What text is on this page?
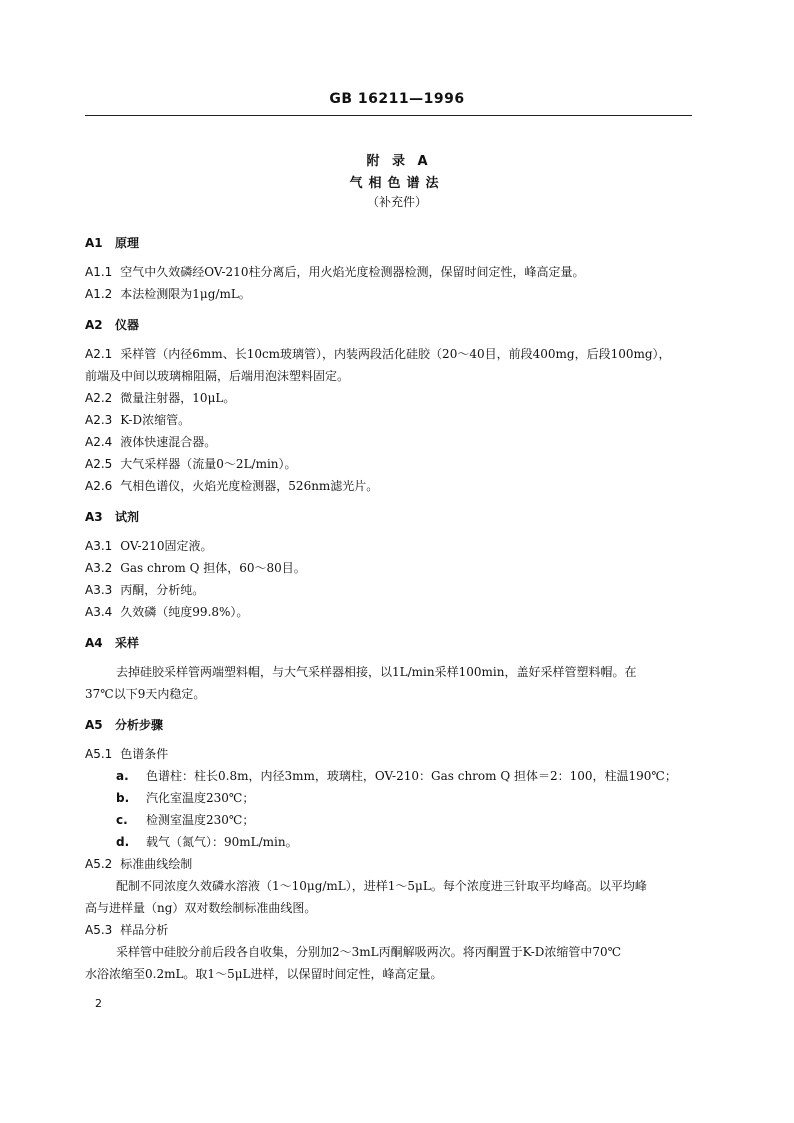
GB 16211—1996
附 录 A
气相色谱法
（补充件）
A1 原理
A1.1 空气中久效磷经OV-210柱分离后，用火焰光度检测器检测，保留时间定性，峰高定量。
A1.2 本法检测限为1μg/mL。
A2 仪器
A2.1 采样管（内径6mm、长10cm玻璃管），内装两段活化硅胶（20～40目，前段400mg，后段100mg），
前端及中间以玻璃棉阻隔，后端用泡沫塑料固定。
A2.2 微量注射器，10μL。
A2.3 K-D浓缩管。
A2.4 液体快速混合器。
A2.5 大气采样器（流量0～2L/min）。
A2.6 气相色谱仪，火焰光度检测器，526nm滤光片。
A3 试剂
A3.1 OV-210固定液。
A3.2 Gas chrom Q 担体，60～80目。
A3.3 丙酮，分析纯。
A3.4 久效磷（纯度99.8%）。
A4 采样
去掉硅胶采样管两端塑料帽，与大气采样器相接，以1L/min采样100min，盖好采样管塑料帽。在
37℃以下9天内稳定。
A5 分析步骤
A5.1 色谱条件
a. 色谱柱：柱长0.8m，内径3mm，玻璃柱，OV-210：Gas chrom Q 担体＝2：100，柱温190℃；
b. 汽化室温度230℃；
c. 检测室温度230℃；
d. 载气（氮气）：90mL/min。
A5.2 标准曲线绘制
配制不同浓度久效磷水溶液（1～10μg/mL），进样1～5μL。每个浓度进三针取平均峰高。以平均峰
高与进样量（ng）双对数绘制标准曲线图。
A5.3 样品分析
采样管中硅胶分前后段各自收集，分别加2～3mL丙酮解吸两次。将丙酮置于K-D浓缩管中70℃
水浴浓缩至0.2mL。取1～5μL进样，以保留时间定性，峰高定量。
2
